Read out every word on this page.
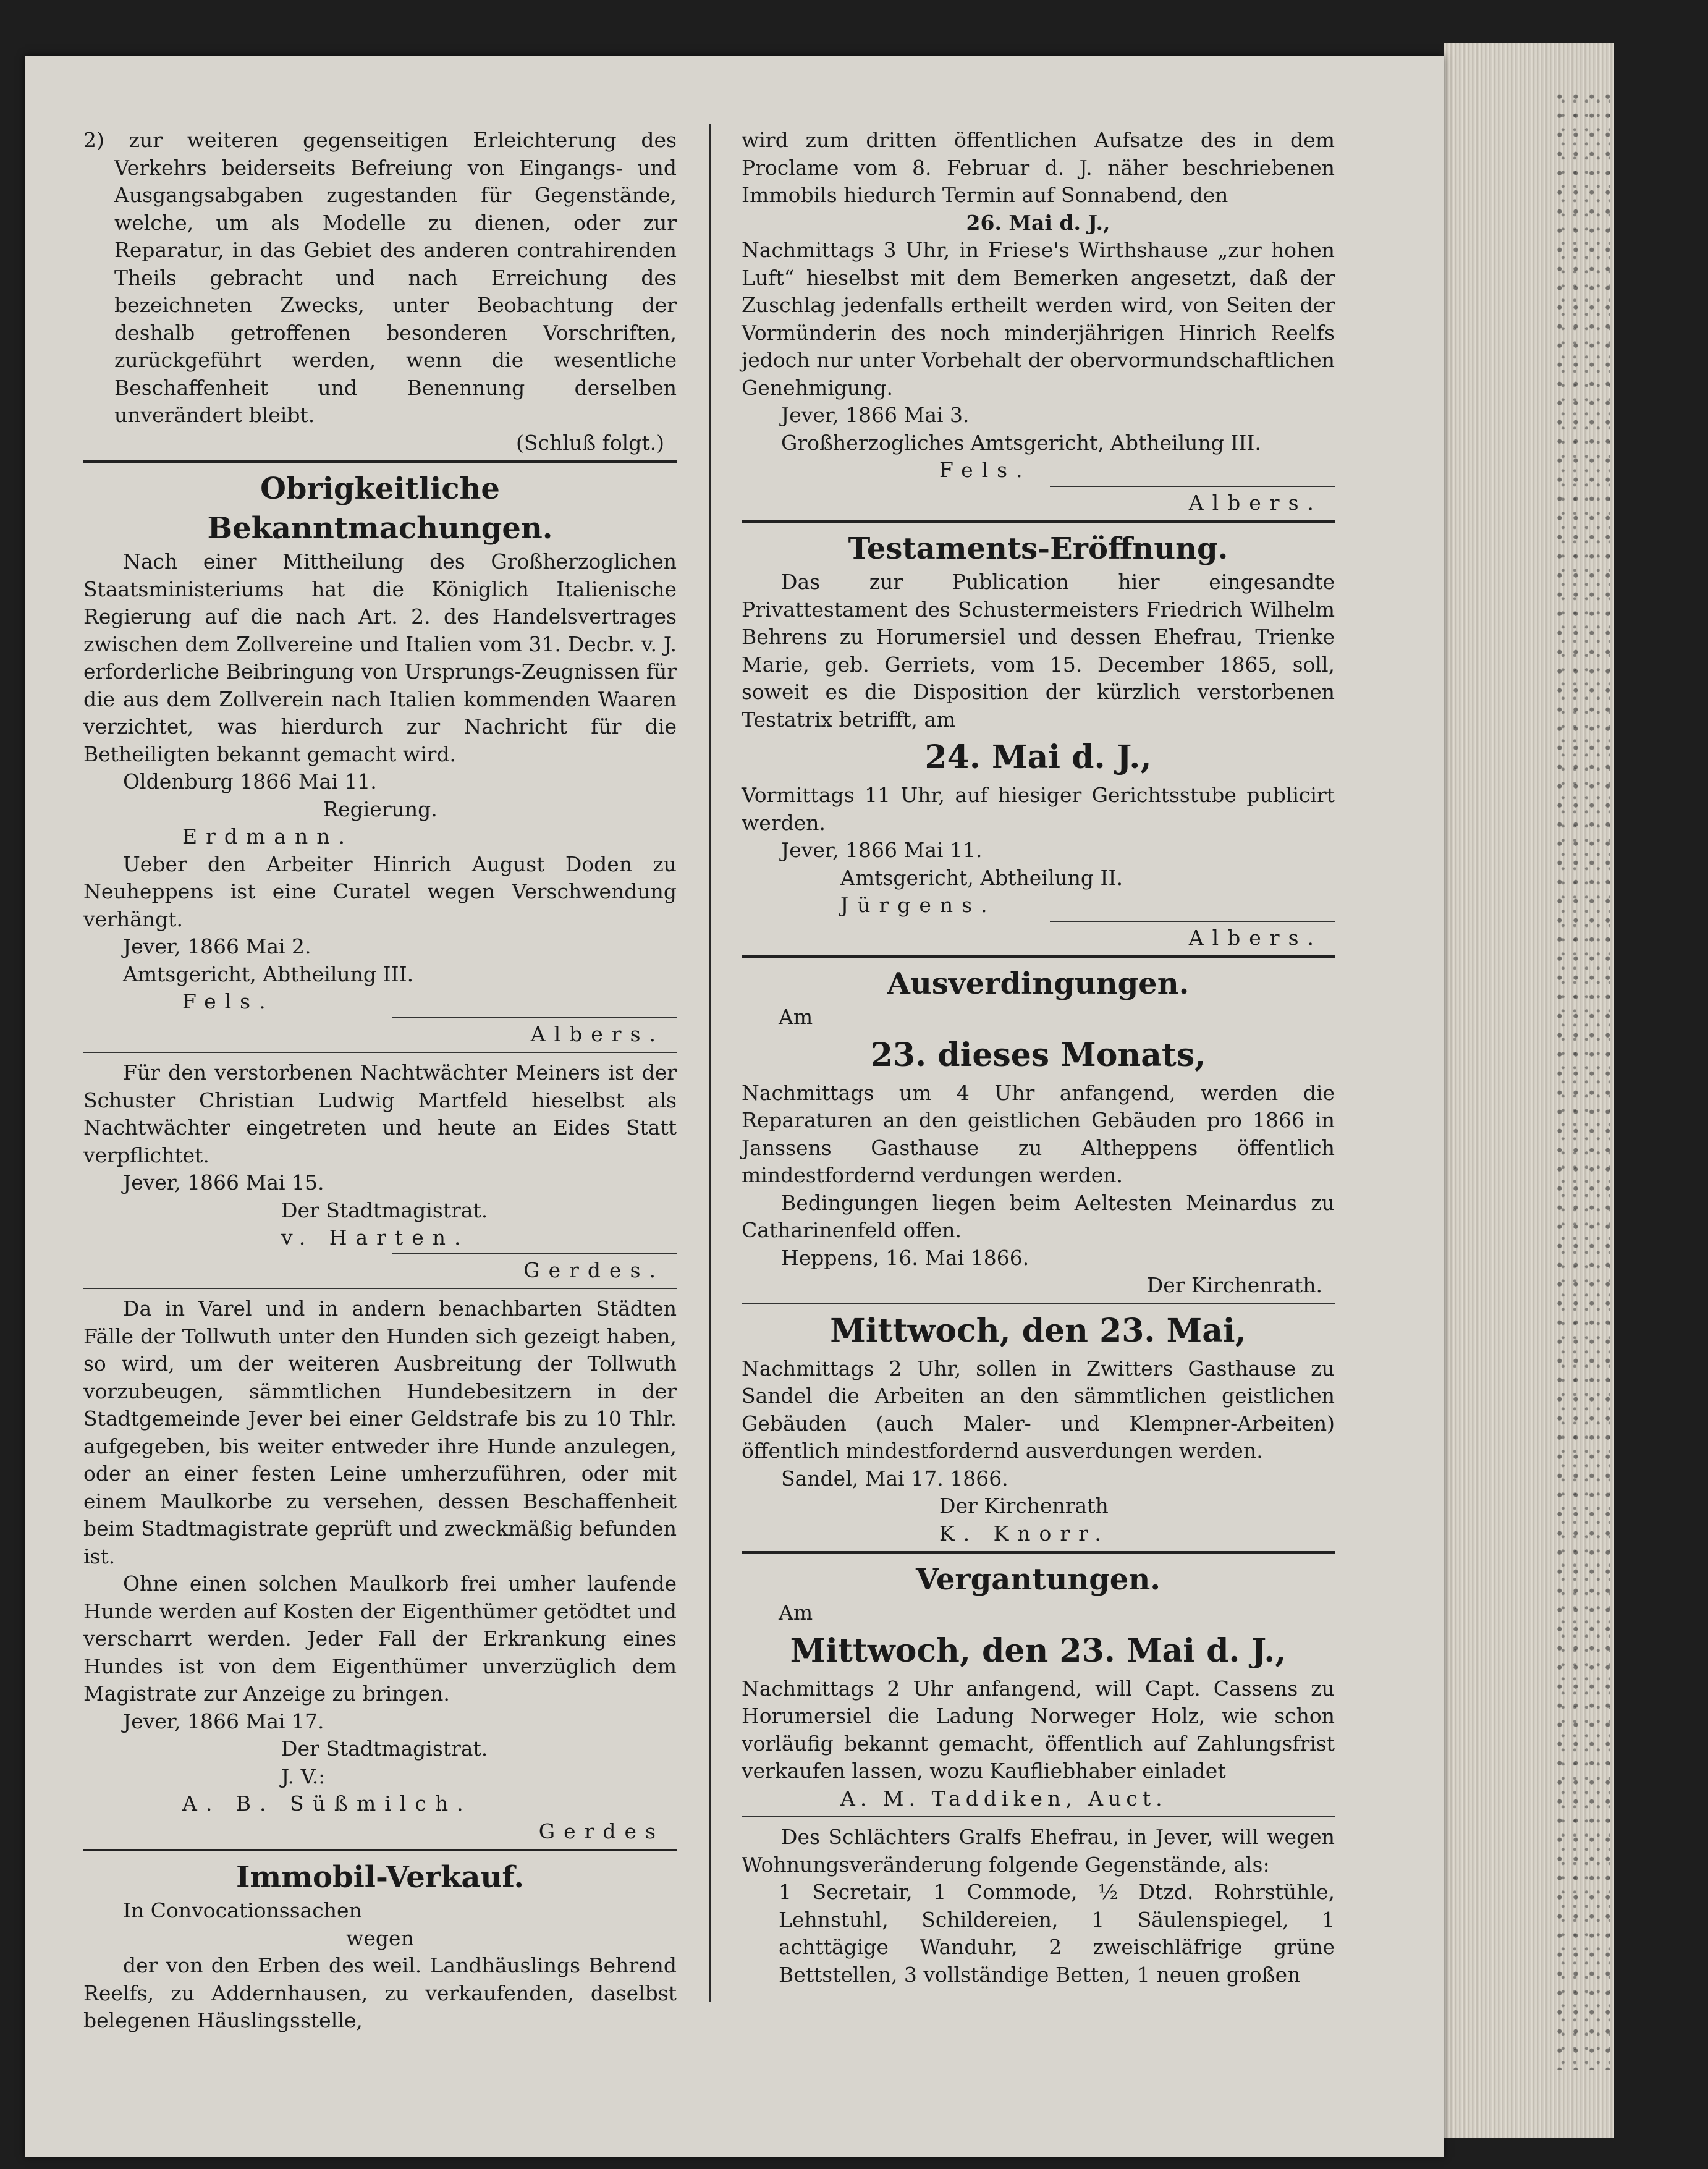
2) zur weiteren gegenseitigen Erleichterung des Verkehrs beiderseits Befreiung von Eingangs- und Ausgangsabgaben zugestanden für Gegenstände, welche, um als Modelle zu dienen, oder zur Reparatur, in das Gebiet des anderen contrahirenden Theils gebracht und nach Erreichung des bezeichneten Zwecks, unter Beobachtung der deshalb getroffenen besonderen Vorschriften, zurückgeführt werden, wenn die wesentliche Beschaffenheit und Benennung derselben unverändert bleibt.

(Schluß folgt.)

Obrigkeitliche Bekanntmachungen.

Nach einer Mittheilung des Großherzoglichen Staatsministeriums hat die Königlich Italienische Regierung auf die nach Art. 2. des Handelsvertrages zwischen dem Zollvereine und Italien vom 31. Decbr. v. J. erforderliche Beibringung von Ursprungs-Zeugnissen für die aus dem Zollverein nach Italien kommenden Waaren verzichtet, was hierdurch zur Nachricht für die Betheiligten bekannt gemacht wird.

Oldenburg 1866 Mai 11.

Regierung.

Erdmann.

Ueber den Arbeiter Hinrich August Doden zu Neuheppens ist eine Curatel wegen Verschwendung verhängt.

Jever, 1866 Mai 2.

Amtsgericht, Abtheilung III.

Fels.

Albers.

Für den verstorbenen Nachtwächter Meiners ist der Schuster Christian Ludwig Martfeld hieselbst als Nachtwächter eingetreten und heute an Eides Statt verpflichtet.

Jever, 1866 Mai 15.

Der Stadtmagistrat.

v. Harten.

Gerdes.

Da in Varel und in andern benachbarten Städten Fälle der Tollwuth unter den Hunden sich gezeigt haben, so wird, um der weiteren Ausbreitung der Tollwuth vorzubeugen, sämmtlichen Hundebesitzern in der Stadtgemeinde Jever bei einer Geldstrafe bis zu 10 Thlr. aufgegeben, bis weiter entweder ihre Hunde anzulegen, oder an einer festen Leine umherzuführen, oder mit einem Maulkorbe zu versehen, dessen Beschaffenheit beim Stadtmagistrate geprüft und zweckmäßig befunden ist.

Ohne einen solchen Maulkorb frei umher laufende Hunde werden auf Kosten der Eigenthümer getödtet und verscharrt werden. Jeder Fall der Erkrankung eines Hundes ist von dem Eigenthümer unverzüglich dem Magistrate zur Anzeige zu bringen.

Jever, 1866 Mai 17.

Der Stadtmagistrat.

J. V.:

A. B. Süßmilch.

Gerdes

Immobil-Verkauf.

In Convocationssachen

wegen

der von den Erben des weil. Landhäuslings Behrend Reelfs, zu Addernhausen, zu verkaufenden, daselbst belegenen Häuslingsstelle,

wird zum dritten öffentlichen Aufsatze des in dem Proclame vom 8. Februar d. J. näher beschriebenen Immobils hiedurch Termin auf Sonnabend, den

26. Mai d. J.,

Nachmittags 3 Uhr, in Friese's Wirthshause „zur hohen Luft“ hieselbst mit dem Bemerken angesetzt, daß der Zuschlag jedenfalls ertheilt werden wird, von Seiten der Vormünderin des noch minderjährigen Hinrich Reelfs jedoch nur unter Vorbehalt der obervormundschaftlichen Genehmigung.

Jever, 1866 Mai 3.

Großherzogliches Amtsgericht, Abtheilung III.

Fels.

Albers.

Testaments-Eröffnung.

Das zur Publication hier eingesandte Privattestament des Schustermeisters Friedrich Wilhelm Behrens zu Horumersiel und dessen Ehefrau, Trienke Marie, geb. Gerriets, vom 15. December 1865, soll, soweit es die Disposition der kürzlich verstorbenen Testatrix betrifft, am

24. Mai d. J.,

Vormittags 11 Uhr, auf hiesiger Gerichtsstube publicirt werden.

Jever, 1866 Mai 11.

Amtsgericht, Abtheilung II.

Jürgens.

Albers.

Ausverdingungen.

Am

23. dieses Monats,

Nachmittags um 4 Uhr anfangend, werden die Reparaturen an den geistlichen Gebäuden pro 1866 in Janssens Gasthause zu Altheppens öffentlich mindestfordernd verdungen werden.

Bedingungen liegen beim Aeltesten Meinardus zu Catharinenfeld offen.

Heppens, 16. Mai 1866.

Der Kirchenrath.

Mittwoch, den 23. Mai,

Nachmittags 2 Uhr, sollen in Zwitters Gasthause zu Sandel die Arbeiten an den sämmtlichen geistlichen Gebäuden (auch Maler- und Klempner-Arbeiten) öffentlich mindestfordernd ausverdungen werden.

Sandel, Mai 17. 1866.

Der Kirchenrath

K. Knorr.

Vergantungen.

Am

Mittwoch, den 23. Mai d. J.,

Nachmittags 2 Uhr anfangend, will Capt. Cassens zu Horumersiel die Ladung Norweger Holz, wie schon vorläufig bekannt gemacht, öffentlich auf Zahlungsfrist verkaufen lassen, wozu Kaufliebhaber einladet

A. M. Taddiken, Auct.

Des Schlächters Gralfs Ehefrau, in Jever, will wegen Wohnungsveränderung folgende Gegenstände, als:

1 Secretair, 1 Commode, ½ Dtzd. Rohrstühle, Lehnstuhl, Schildereien, 1 Säulenspiegel, 1 achttägige Wanduhr, 2 zweischläfrige grüne Bettstellen, 3 vollständige Betten, 1 neuen großen
